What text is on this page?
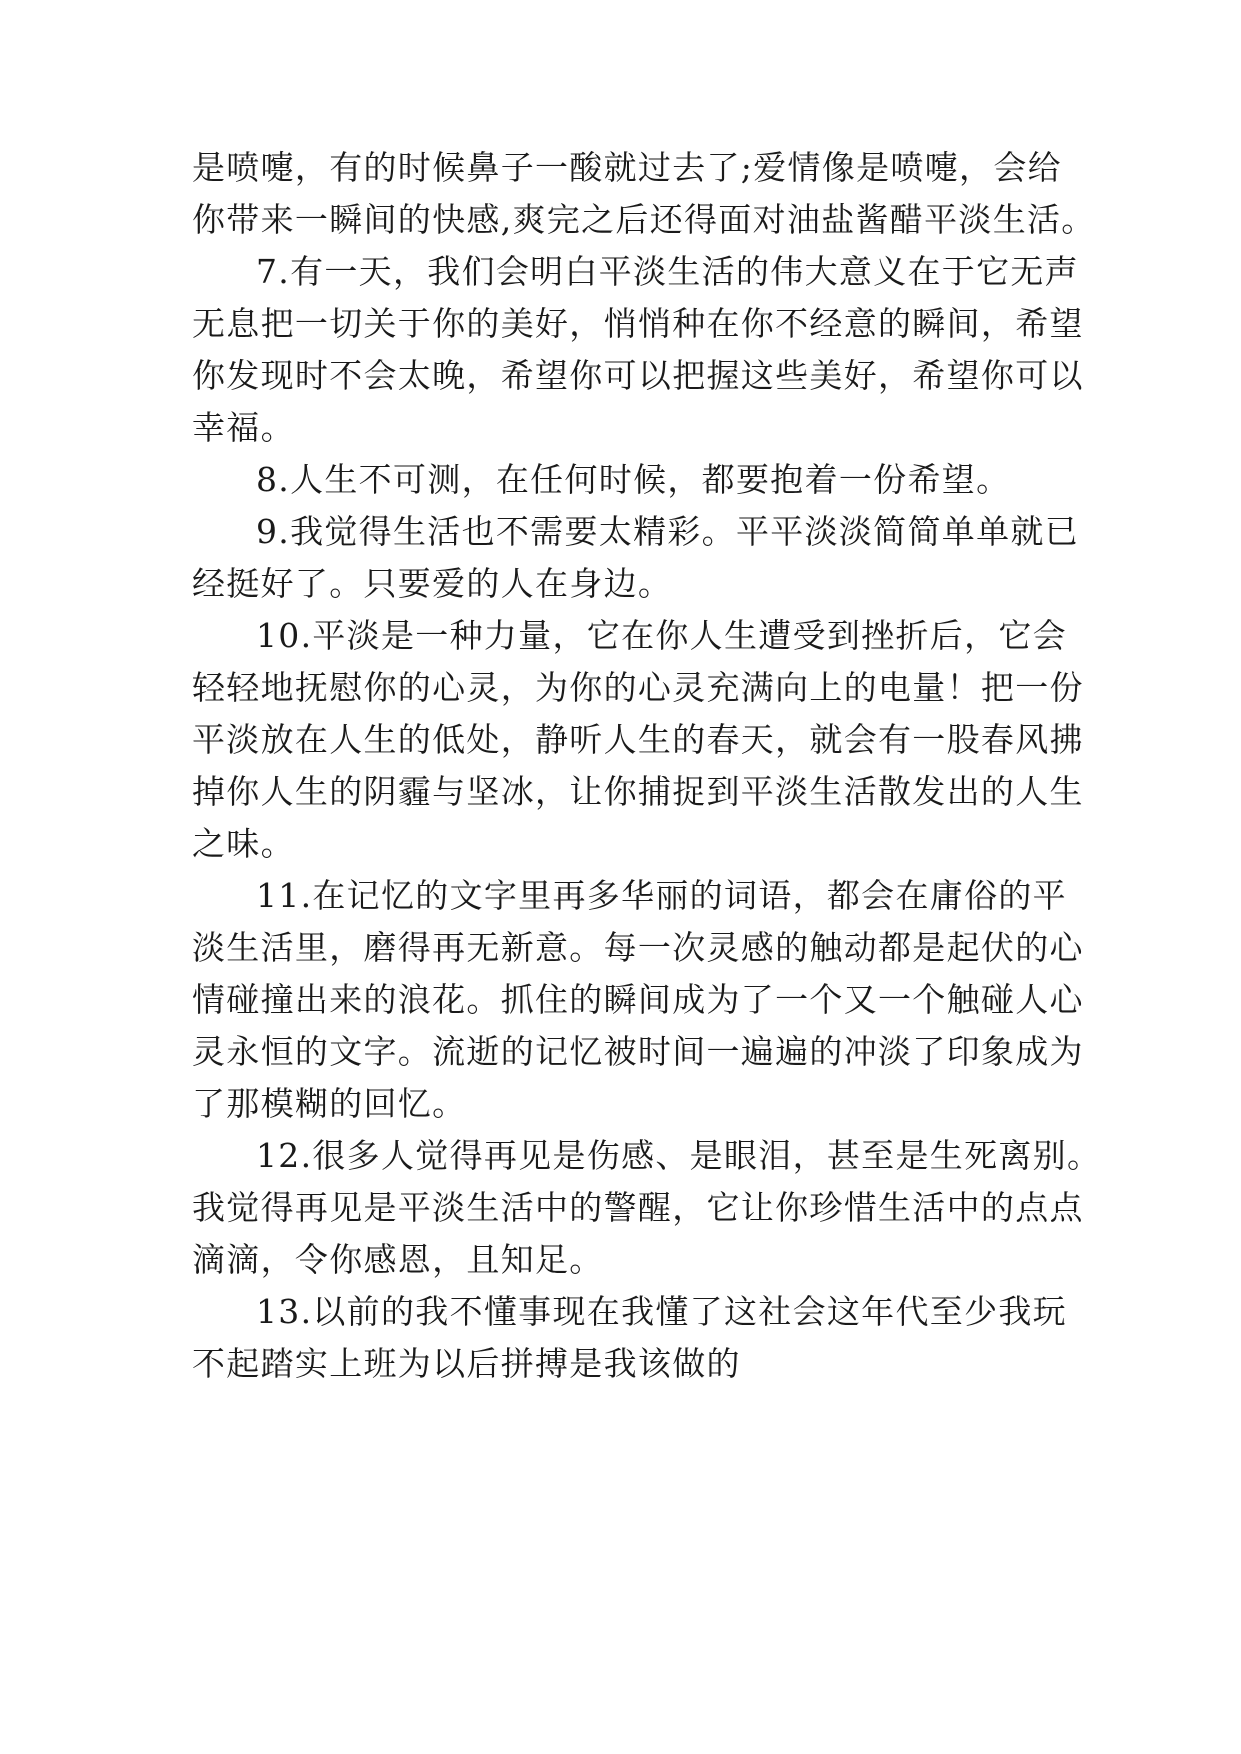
是喷嚏，有的时候鼻子一酸就过去了;爱情像是喷嚏，会给
你带来一瞬间的快感,爽完之后还得面对油盐酱醋平淡生活。
7.有一天，我们会明白平淡生活的伟大意义在于它无声
无息把一切关于你的美好，悄悄种在你不经意的瞬间，希望
你发现时不会太晚，希望你可以把握这些美好，希望你可以
幸福。
8.人生不可测，在任何时候，都要抱着一份希望。
9.我觉得生活也不需要太精彩。平平淡淡简简单单就已
经挺好了。只要爱的人在身边。
10.平淡是一种力量，它在你人生遭受到挫折后，它会
轻轻地抚慰你的心灵，为你的心灵充满向上的电量！把一份
平淡放在人生的低处，静听人生的春天，就会有一股春风拂
掉你人生的阴霾与坚冰，让你捕捉到平淡生活散发出的人生
之味。
11.在记忆的文字里再多华丽的词语，都会在庸俗的平
淡生活里，磨得再无新意。每一次灵感的触动都是起伏的心
情碰撞出来的浪花。抓住的瞬间成为了一个又一个触碰人心
灵永恒的文字。流逝的记忆被时间一遍遍的冲淡了印象成为
了那模糊的回忆。
12.很多人觉得再见是伤感、是眼泪，甚至是生死离别。
我觉得再见是平淡生活中的警醒，它让你珍惜生活中的点点
滴滴，令你感恩，且知足。
13.以前的我不懂事现在我懂了这社会这年代至少我玩
不起踏实上班为以后拼搏是我该做的
